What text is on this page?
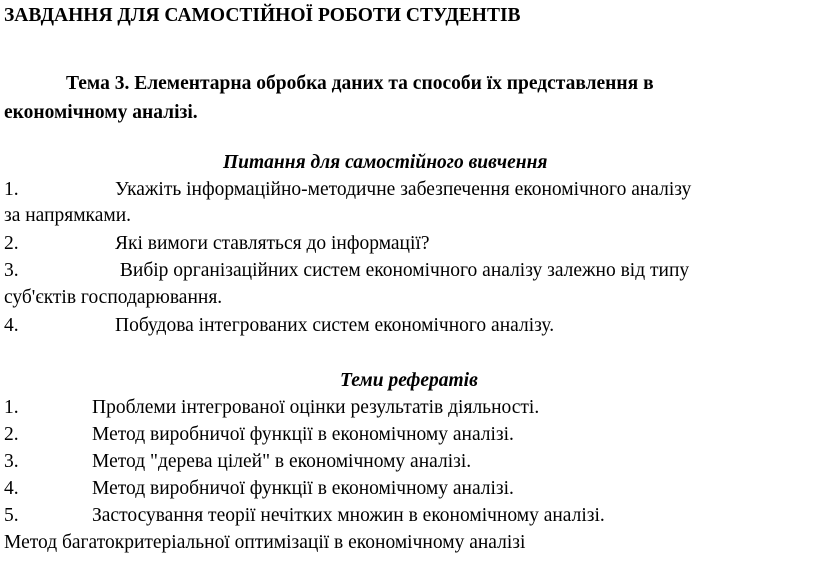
ЗАВДАННЯ ДЛЯ САМОСТІЙНОЇ РОБОТИ СТУДЕНТІВ
Тема 3. Елементарна обробка даних та способи їх представлення в
економічному аналізі.
Питання для самостійного вивчення
1.	Укажіть інформаційно-методичне забезпечення економічного аналізу
за напрямками.
2.	Які вимоги ставляться до інформації?
3.	Вибір організаційних систем економічного аналізу залежно від типу
суб'єктів господарювання.
4.	Побудова інтегрованих систем економічного аналізу.
Теми рефератів
1.	Проблеми інтегрованої оцінки результатів діяльності.
2.	Метод виробничої функції в економічному аналізі.
3.	Метод "дерева цілей" в економічному аналізі.
4.	Метод виробничої функції в економічному аналізі.
5.	Застосування теорії нечітких множин в економічному аналізі.
Метод багатокритеріальної оптимізації в економічному аналізі
